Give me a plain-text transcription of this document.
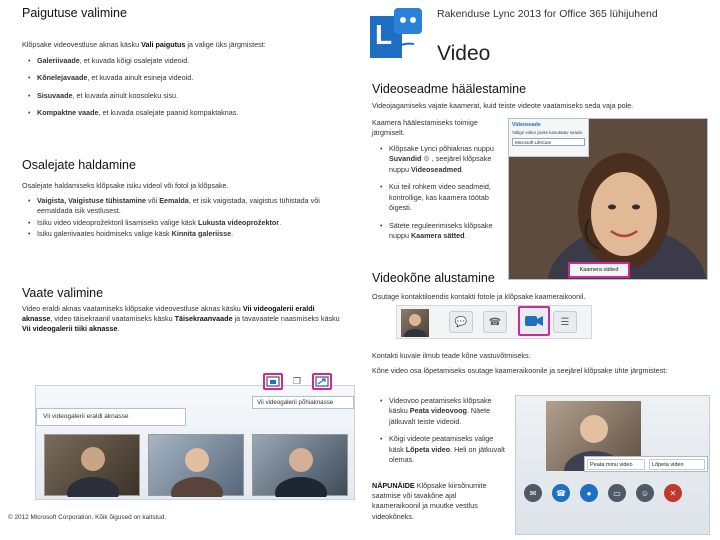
Paigutuse valimine
Klõpsake videovestluse aknas käsku Vali paigutus ja valige üks järgmistest:
• Galeriivaade, et kuvada kõigi osalejate videoid.
• Kõnelejavaade, et kuvada ainult esineja videoid.
• Sisuvaade, et kuvada ainult koosoleku sisu.
• Kompaktne vaade, et kuvada osalejate paanid kompaktaknas.
Osalejate haldamine
Osalejate haldamiseks klõpsake isiku videol või fotol ja klõpsake.
• Vaigista, Vaigistuse tühistamine või Eemalda, et isik vaigistada, vaigistus tühistada või eemaldada isik vestlusest.
• Isiku video videoprožektoril lisamiseks valige käsk Lukusta videoprožektor.
• Isiku galeriivaates hoidmiseks valige käsk Kinnita galeriisse.
Vaate valimine
Video eraldi aknas vaatamiseks klõpsake videovestluse aknas käsku Vii videogalerii eraldi aknasse, video täisekraanil vaatamiseks käsku Täisekraanvaade ja tavavaatele naasmiseks käsku Vii videogalerii tiiki aknasse.
Vii videogalerii eraldi aknasse
Vii videogalerii põhiaknasse
❐
© 2012 Microsoft Corporation. Kõik õigused on kaitstud.
L
Rakenduse Lync 2013 for Office 365 lühijuhend
Video
Videoseadme häälestamine
Videojagamiseks vajate kaamerat, kuid teiste videote vaatamiseks seda vaja pole.
Kaamera häälestamiseks toimige järgmiselt.
• Klõpsake Lynci põhiaknas nuppu Suvandid ⚙ , seejärel klõpsake nuppu Videoseadmed.
• Kui teil rohkem video seadmeid, kontrollige, kas kaamera töötab õigesti.
• Sätete reguleerimiseks klõpsake nuppu Kaamera sätted.
Videoseade
Valige video jaoks kasutatav seade.
Microsoft LifeCam
Kaamera sätted
Videokõne alustamine
Osutage kontaktiloendis kontakti fotole ja klõpsake kaameraikoonil.
💬 ☎	☰
Kontakti kuvale ilmub teade kõne vastuvõtmiseks.
Kõne video osa lõpetamiseks osutage kaameraikoonile ja seejärel klõpsake ühte järgmistest:
• Videovoo peatamiseks klõpsake käsku Peata videovoog. Näete jätkuvalt teiste videoid.
• Kõigi videote peatamiseks valige käsk Lõpeta video. Heli on jätkuvalt olemas.
NÄPUNÄIDE Klõpsake kiirsõnumite saatmise või tavakõne ajal kaameraikoonil ja muutke vestlus videokõneks.
Peata minu video	Lõpeta video
✉ ☎	●	▭	☺	✕
